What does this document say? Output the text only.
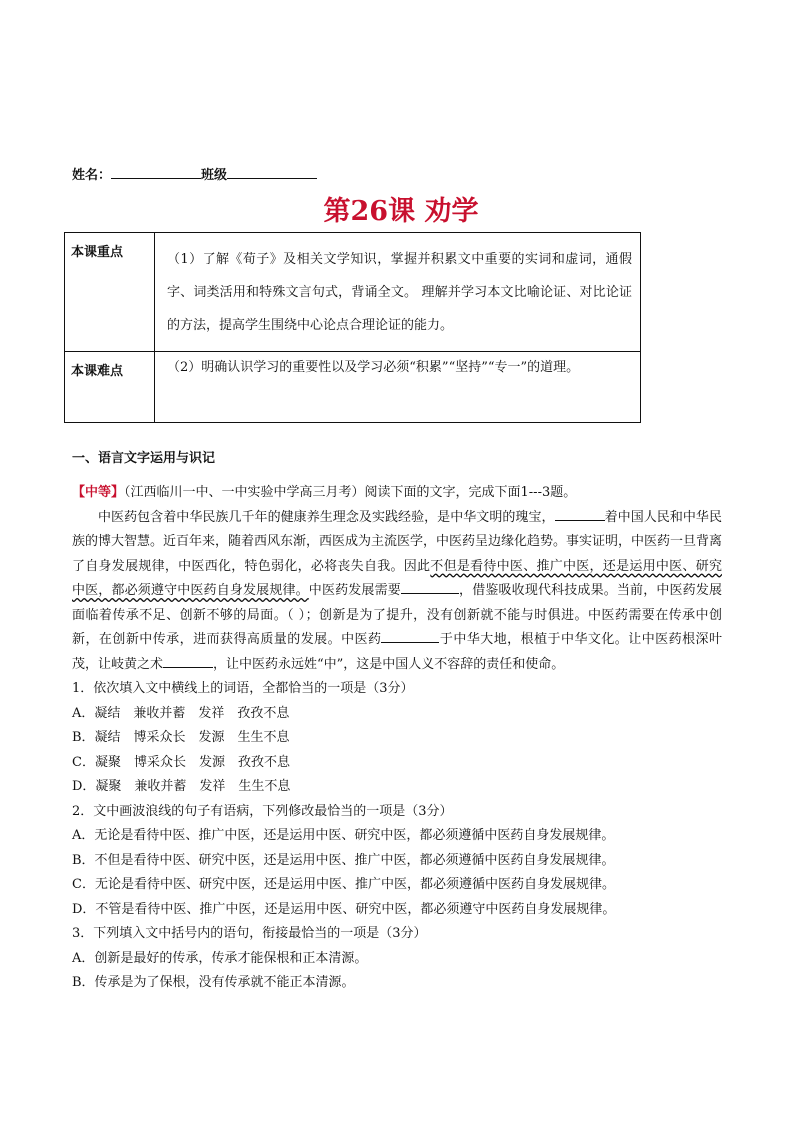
姓名：	班级
第26课 劝学
本课重点	（1）了解《荀子》及相关文学知识，掌握并积累文中重要的实词和虚词，通假字、词类活用和特殊文言句式，背诵全文。 理解并学习本文比喻论证、对比论证的方法，提高学生围绕中心论点合理论证的能力。
本课难点	（2）明确认识学习的重要性以及学习必须“积累”“坚持”“专一”的道理。
一、语言文字运用与识记

【中等】（江西临川一中、一中实验中学高三月考）阅读下面的文字，完成下面1---3题。

中医药包含着中华民族几千年的健康养生理念及实践经验，是中华文明的瑰宝，	着中国人民和中华民族的博大智慧。近百年来，随着西风东渐，西医成为主流医学，中医药呈边缘化趋势。事实证明，中医药一旦背离了自身发展规律，中医西化，特色弱化，必将丧失自我。因此不但是看待中医、推广中医，还是运用中医、研究中医，都必须遵守中医药自身发展规律。中医药发展需要	，借鉴吸收现代科技成果。当前，中医药发展面临着传承不足、创新不够的局面。（ ）；创新是为了提升，没有创新就不能与时俱进。中医药需要在传承中创新，在创新中传承，进而获得高质量的发展。中医药	于中华大地，根植于中华文化。让中医药根深叶茂，让岐黄之术	，让中医药永远姓“中”，这是中国人义不容辞的责任和使命。

1．依次填入文中横线上的词语，全都恰当的一项是（3分）

A．凝结　兼收并蓄　发祥　孜孜不息

B．凝结　博采众长　发源　生生不息

C．凝聚　博采众长　发源　孜孜不息

D．凝聚　兼收并蓄　发祥　生生不息

2．文中画波浪线的句子有语病，下列修改最恰当的一项是（3分）

A．无论是看待中医、推广中医，还是运用中医、研究中医，都必须遵循中医药自身发展规律。

B．不但是看待中医、研究中医，还是运用中医、推广中医，都必须遵循中医药自身发展规律。

C．无论是看待中医、研究中医，还是运用中医、推广中医，都必须遵循中医药自身发展规律。

D．不管是看待中医、推广中医，还是运用中医、研究中医，都必须遵守中医药自身发展规律。

3．下列填入文中括号内的语句，衔接最恰当的一项是（3分）

A．创新是最好的传承，传承才能保根和正本清源。

B．传承是为了保根，没有传承就不能正本清源。
